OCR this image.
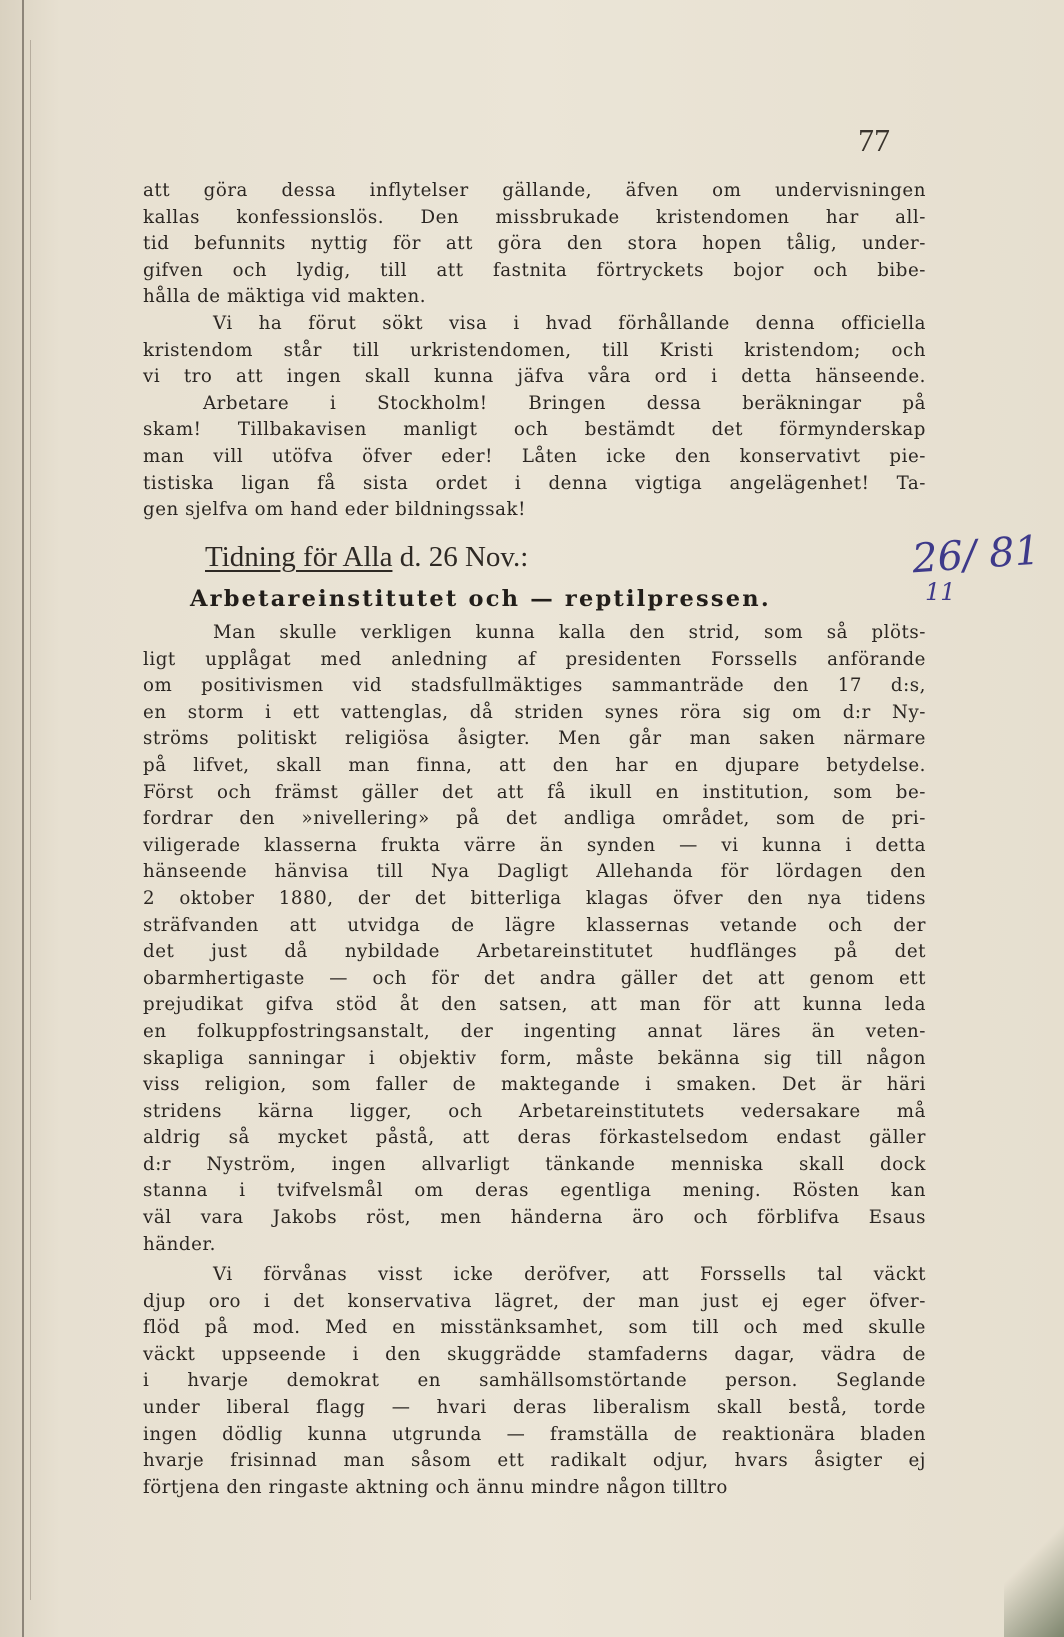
77
att göra dessa inflytelser gällande, äfven om undervisningen
kallas konfessionslös. Den missbrukade kristendomen har all-
tid befunnits nyttig för att göra den stora hopen tålig, under-
gifven och lydig, till att fastnita förtryckets bojor och bibe-
hålla de mäktiga vid makten.
Vi ha förut sökt visa i hvad förhållande denna officiella
kristendom står till urkristendomen, till Kristi kristendom; och
vi tro att ingen skall kunna jäfva våra ord i detta hänseende.
Arbetare i Stockholm! Bringen dessa beräkningar på
skam! Tillbakavisen manligt och bestämdt det förmynderskap
man vill utöfva öfver eder! Låten icke den konservativt pie-
tistiska ligan få sista ordet i denna vigtiga angelägenhet! Ta-
gen sjelfva om hand eder bildningssak!
Tidning för Alla d. 26 Nov.:	26/ 81
11
Arbetareinstitutet och — reptilpressen.
Man skulle verkligen kunna kalla den strid, som så plöts-
ligt upplågat med anledning af presidenten Forssells anförande
om positivismen vid stadsfullmäktiges sammanträde den 17 d:s,
en storm i ett vattenglas, då striden synes röra sig om d:r Ny-
ströms politiskt religiösa åsigter. Men går man saken närmare
på lifvet, skall man finna, att den har en djupare betydelse.
Först och främst gäller det att få ikull en institution, som be-
fordrar den »nivellering» på det andliga området, som de pri-
viligerade klasserna frukta värre än synden — vi kunna i detta
hänseende hänvisa till Nya Dagligt Allehanda för lördagen den
2 oktober 1880, der det bitterliga klagas öfver den nya tidens
sträfvanden att utvidga de lägre klassernas vetande och der
det just då nybildade Arbetareinstitutet hudflänges på det
obarmhertigaste — och för det andra gäller det att genom ett
prejudikat gifva stöd åt den satsen, att man för att kunna leda
en folkuppfostringsanstalt, der ingenting annat läres än veten-
skapliga sanningar i objektiv form, måste bekänna sig till någon
viss religion, som faller de maktegande i smaken. Det är häri
stridens kärna ligger, och Arbetareinstitutets vedersakare må
aldrig så mycket påstå, att deras förkastelsedom endast gäller
d:r Nyström, ingen allvarligt tänkande menniska skall dock
stanna i tvifvelsmål om deras egentliga mening. Rösten kan
väl vara Jakobs röst, men händerna äro och förblifva Esaus
händer.
Vi förvånas visst icke deröfver, att Forssells tal väckt
djup oro i det konservativa lägret, der man just ej eger öfver-
flöd på mod. Med en misstänksamhet, som till och med skulle
väckt uppseende i den skuggrädde stamfaderns dagar, vädra de
i hvarje demokrat en samhällsomstörtande person. Seglande
under liberal flagg — hvari deras liberalism skall bestå, torde
ingen dödlig kunna utgrunda — framställa de reaktionära bladen
hvarje frisinnad man såsom ett radikalt odjur, hvars åsigter ej
förtjena den ringaste aktning och ännu mindre någon tilltro
